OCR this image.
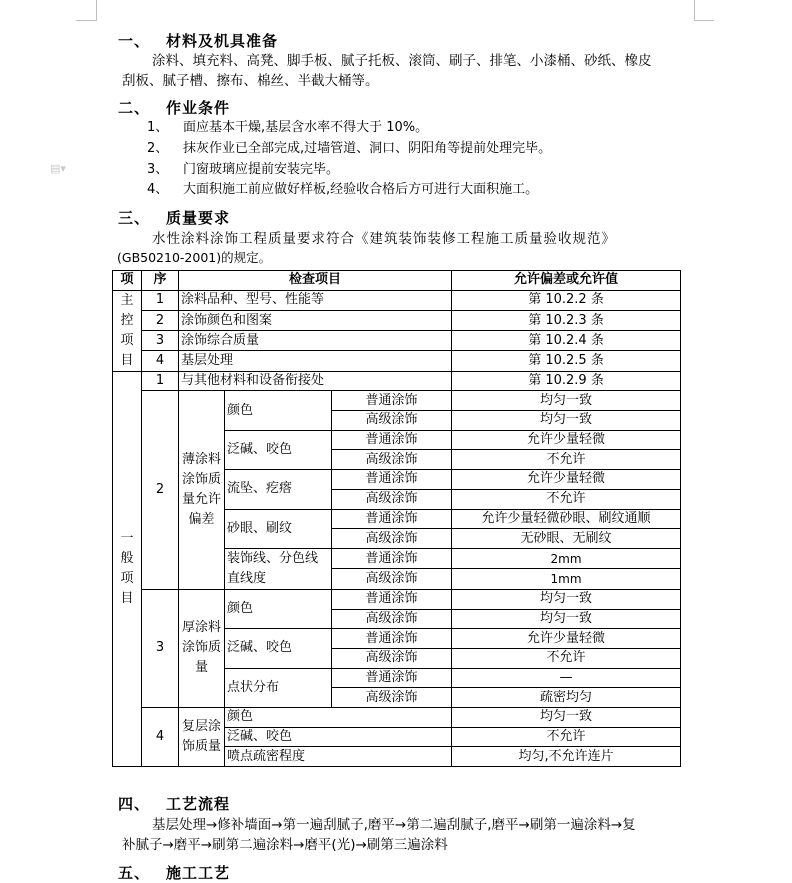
▤▾
一、 材料及机具准备
涂料、填充料、高凳、脚手板、腻子托板、滚筒、刷子、排笔、小漆桶、砂纸、橡皮
刮板、腻子槽、擦布、棉丝、半截大桶等。
二、 作业条件
1、 面应基本干燥,基层含水率不得大于 10%。
2、 抹灰作业已全部完成,过墙管道、洞口、阴阳角等提前处理完毕。
3、 门窗玻璃应提前安装完毕。
4、 大面积施工前应做好样板,经验收合格后方可进行大面积施工。
三、 质量要求
水性涂料涂饰工程质量要求符合《建筑装饰装修工程施工质量验收规范》
(GB50210-2001)的规定。
项	序	检查项目			允许偏差或允许值
主控项目	1	涂料品种、型号、性能等			第 10.2.2 条
	2	涂饰颜色和图案			第 10.2.3 条
	3	涂饰综合质量			第 10.2.4 条
	4	基层处理			第 10.2.5 条
一般项目	1	与其他材料和设备衔接处			第 10.2.9 条
	2	薄涂料涂饰质量允许偏差	颜色	普通涂饰	均匀一致
				高级涂饰	均匀一致
			泛碱、咬色	普通涂饰	允许少量轻微
				高级涂饰	不允许
			流坠、疙瘩	普通涂饰	允许少量轻微
				高级涂饰	不允许
			砂眼、刷纹	普通涂饰	允许少量轻微砂眼、刷纹通顺
				高级涂饰	无砂眼、无刷纹
			装饰线、分色线直线度	普通涂饰	2mm
				高级涂饰	1mm
	3	厚涂料涂饰质量	颜色	普通涂饰	均匀一致
				高级涂饰	均匀一致
			泛碱、咬色	普通涂饰	允许少量轻微
				高级涂饰	不允许
			点状分布	普通涂饰	—
				高级涂饰	疏密均匀
	4	复层涂饰质量	颜色		均匀一致
			泛碱、咬色		不允许
			喷点疏密程度		均匀,不允许连片
四、 工艺流程
基层处理→修补墙面→第一遍刮腻子,磨平→第二遍刮腻子,磨平→刷第一遍涂料→复
补腻子→磨平→刷第二遍涂料→磨平(光)→刷第三遍涂料
五、 施工工艺
